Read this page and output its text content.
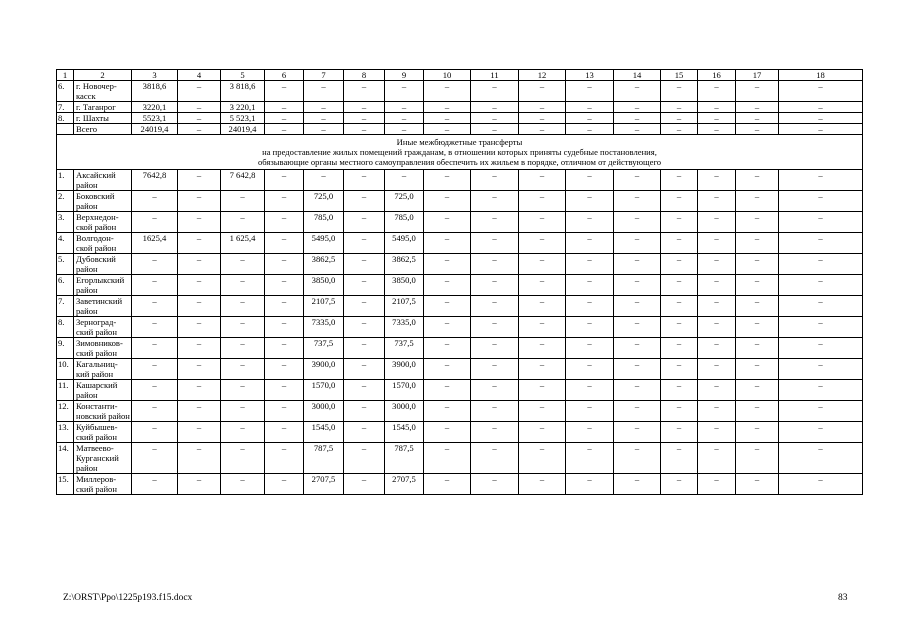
1	2	3	4	5	6	7	8	9	10	11	12	13	14	15	16	17	18
6.	г. Новочер-касск	3818,6	–	3 818,6	–	–	–	–	–	–	–	–	–	–	–	–	–
7.	г. Таганрог	3220,1	–	3 220,1	–	–	–	–	–	–	–	–	–	–	–	–	–
8.	г. Шахты	5523,1	–	5 523,1	–	–	–	–	–	–	–	–	–	–	–	–	–
	Всего	24019,4	–	24019,4	–	–	–	–	–	–	–	–	–	–	–	–	–

Иные межбюджетные трансферты
на предоставление жилых помещений гражданам, в отношении которых приняты судебные постановления,
обязывающие органы местного самоуправления обеспечить их жильем в порядке, отличном от действующего																	

1.	Аксайский район	7642,8	–	7 642,8	–	–	–	–	–	–	–	–	–	–	–	–	–
2.	Боковский район	–	–	–	–	725,0	–	725,0	–	–	–	–	–	–	–	–	–
3.	Верхнедон-ской район	–	–	–	–	785,0	–	785,0	–	–	–	–	–	–	–	–	–
4.	Волгодон-ской район	1625,4	–	1 625,4	–	5495,0	–	5495,0	–	–	–	–	–	–	–	–	–
5.	Дубовский район	–	–	–	–	3862,5	–	3862,5	–	–	–	–	–	–	–	–	–
6.	Егорлыкский район	–	–	–	–	3850,0	–	3850,0	–	–	–	–	–	–	–	–	–
7.	Заветинский район	–	–	–	–	2107,5	–	2107,5	–	–	–	–	–	–	–	–	–
8.	Зерноград-ский район	–	–	–	–	7335,0	–	7335,0	–	–	–	–	–	–	–	–	–
9.	Зимовников-ский район	–	–	–	–	737,5	–	737,5	–	–	–	–	–	–	–	–	–
10.	Кагальниц-кий район	–	–	–	–	3900,0	–	3900,0	–	–	–	–	–	–	–	–	–
11.	Кашарский район	–	–	–	–	1570,0	–	1570,0	–	–	–	–	–	–	–	–	–
12.	Константи-новский район	–	–	–	–	3000,0	–	3000,0	–	–	–	–	–	–	–	–	–
13.	Куйбышев-ский район	–	–	–	–	1545,0	–	1545,0	–	–	–	–	–	–	–	–	–
14.	Матвеево-Курганский район	–	–	–	–	787,5	–	787,5	–	–	–	–	–	–	–	–	–
15.	Миллеров-ский район	–	–	–	–	2707,5	–	2707,5	–	–	–	–	–	–	–	–	–
Z:\ORST\Ppo\1225p193.f15.docx	83
